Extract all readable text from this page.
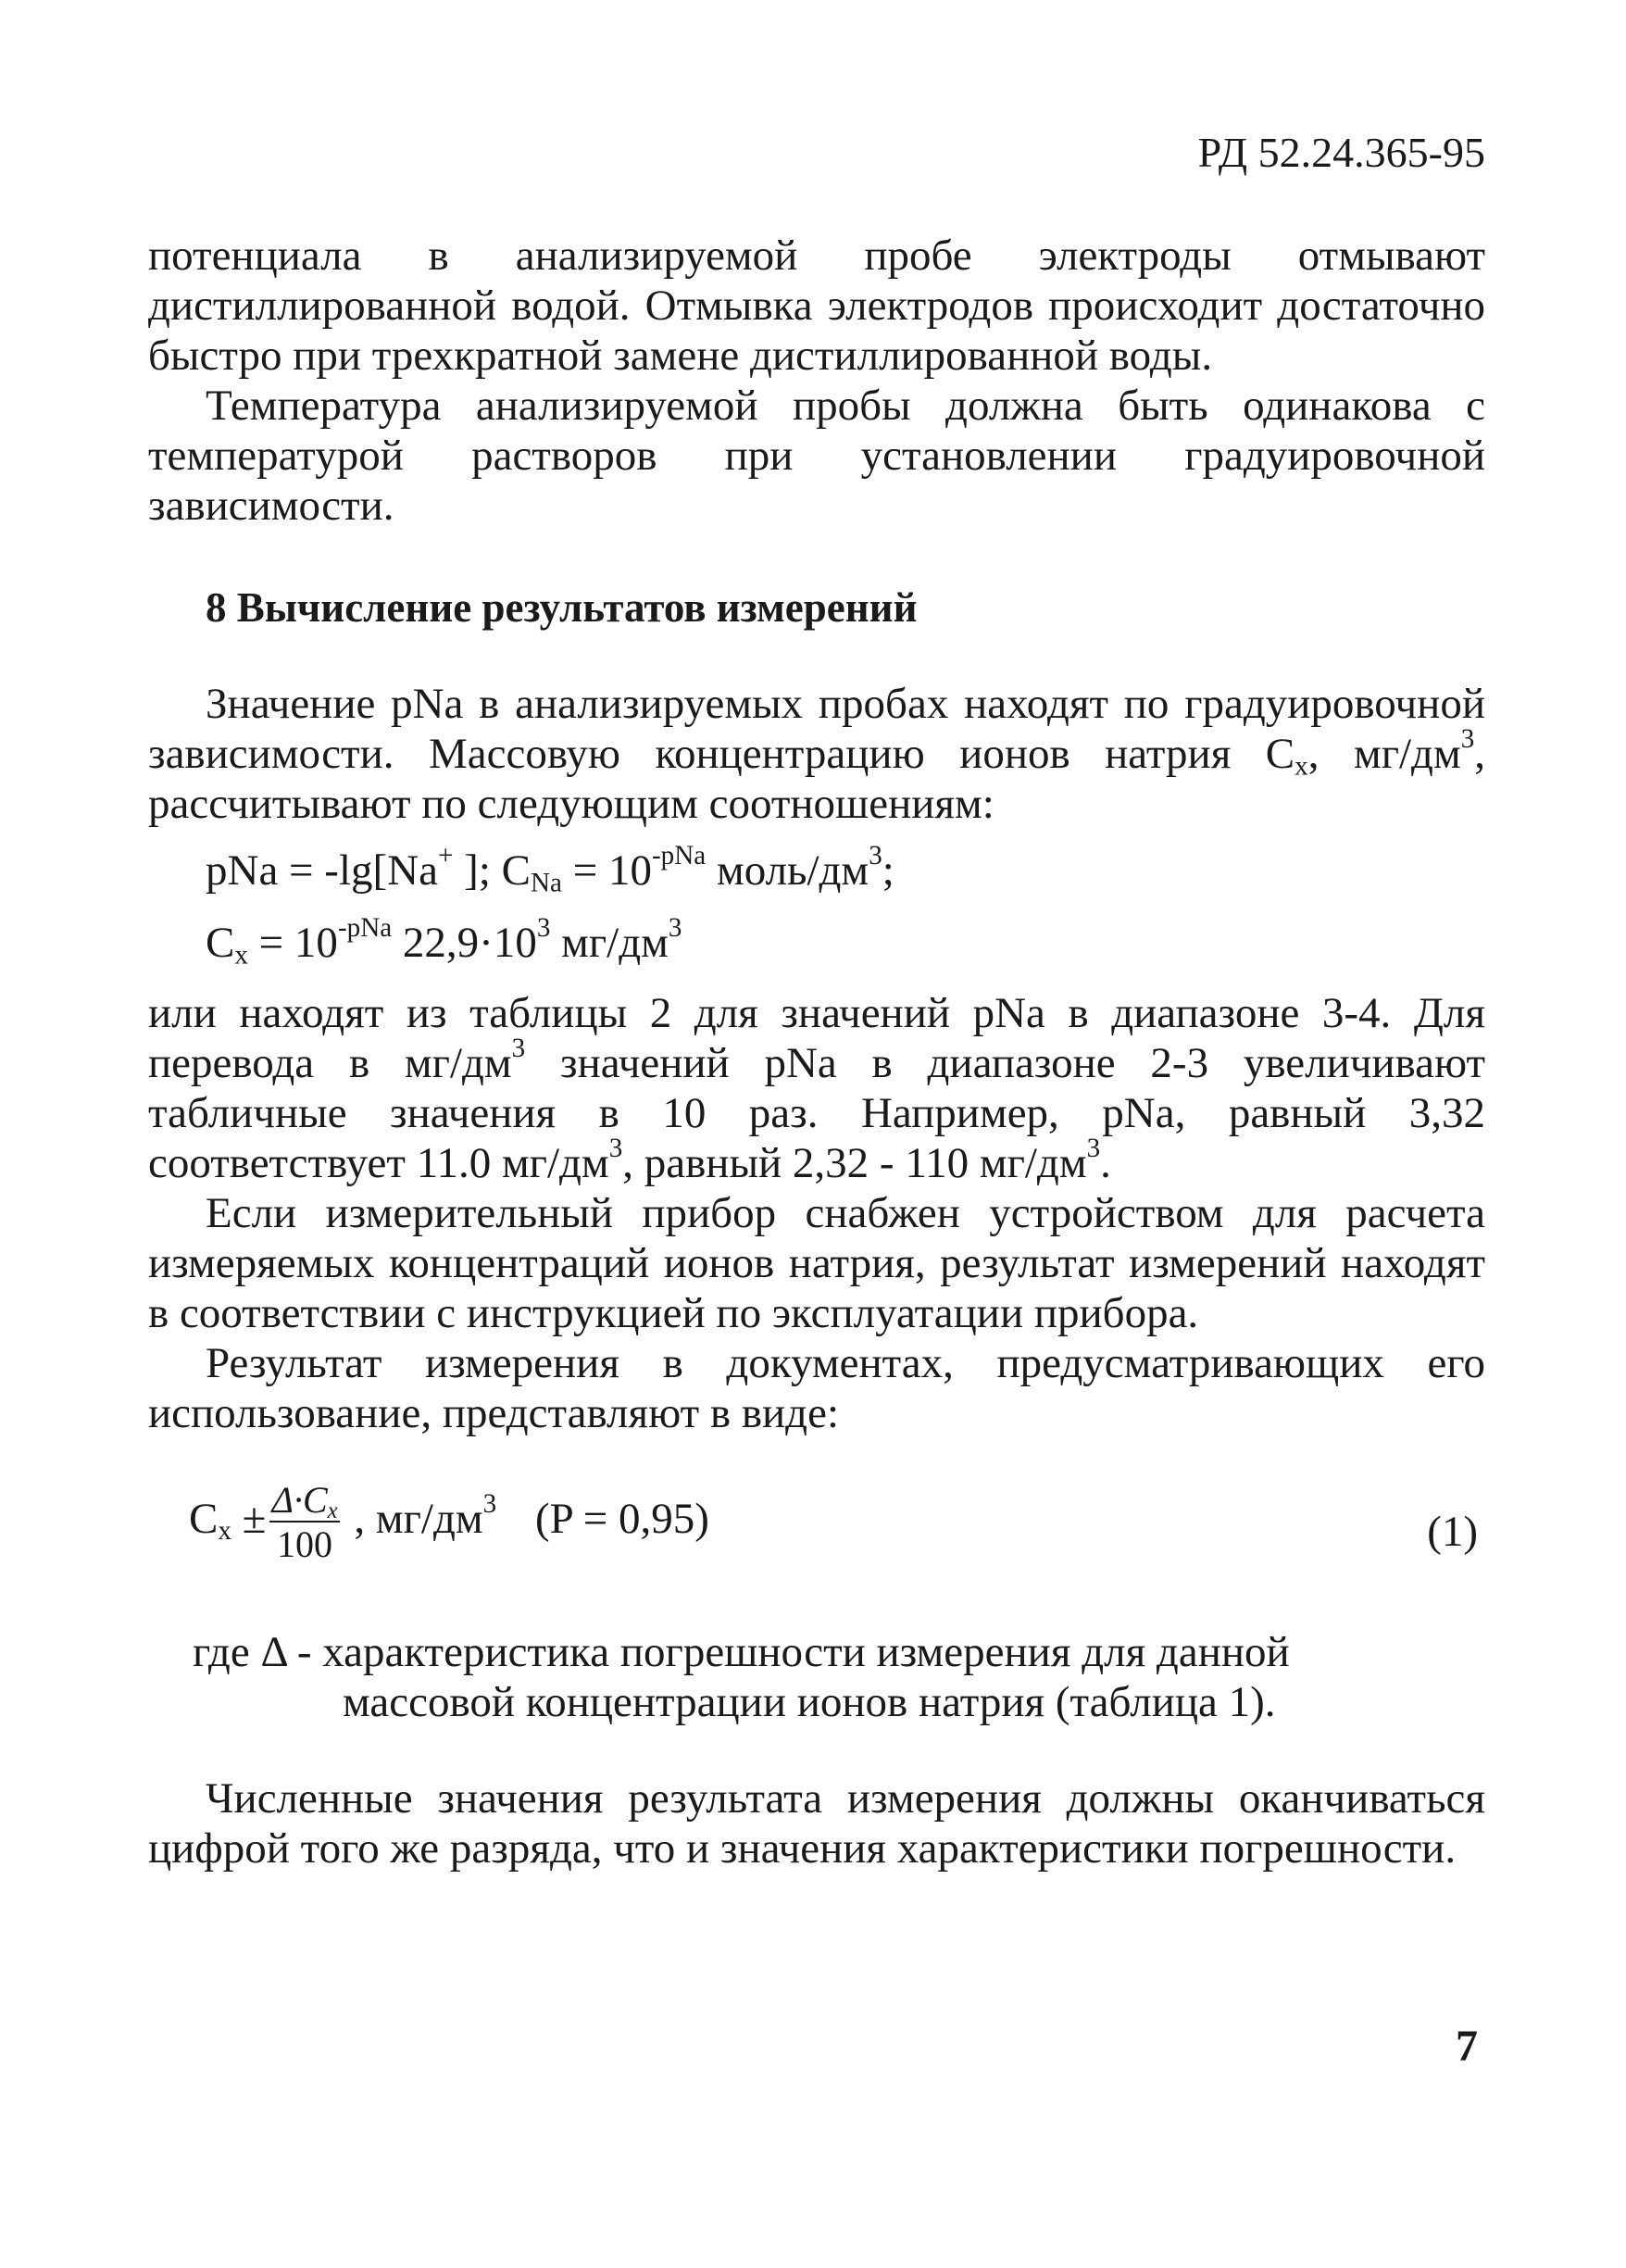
РД 52.24.365-95
потенциала в анализируемой пробе электроды отмывают
дистиллированной водой. Отмывка электродов происходит достаточно
быстро при трехкратной замене дистиллированной воды.
Температура анализируемой пробы должна быть одинакова с
температурой растворов при установлении градуировочной
зависимости.
8 Вычисление результатов измерений
Значение pNa в анализируемых пробах находят по градуировочной
зависимости. Массовую концентрацию ионов натрия $C_x$, $мг/дм^3$,
рассчитывают по следующим соотношениям:
pNa = -lg[Na+ ]; $C_{Na} = 10^{-pNa}$ моль/$дм^3$;
$C_x = 10^{-pNa}$ $22,9\cdot 10^3$ $мг/дм^3$
или находят из таблицы 2 для значений pNa в диапазоне 3-4. Для
перевода в $мг/дм^3$ значений pNa в диапазоне 2-3 увеличивают
табличные значения в 10 раз. Например, pNa, равный 3,32
соответствует 11.0 $мг/дм^3$, равный 2,32 - 110 $мг/дм^3$.
Если измерительный прибор снабжен устройством для расчета
измеряемых концентраций ионов натрия, результат измерений находят
в соответствии с инструкцией по эксплуатации прибора.
Результат измерения в документах, предусматривающих его
использование, представляют в виде:
$C_x \pm \frac{\Delta\cdot C_x}{100}$ , $мг/дм^3$ (P = 0,95)	(1)
где Δ - характеристика погрешности измерения для данной
массовой концентрации ионов натрия (таблица 1).
Численные значения результата измерения должны оканчиваться
цифрой того же разряда, что и значения характеристики погрешности.
7
